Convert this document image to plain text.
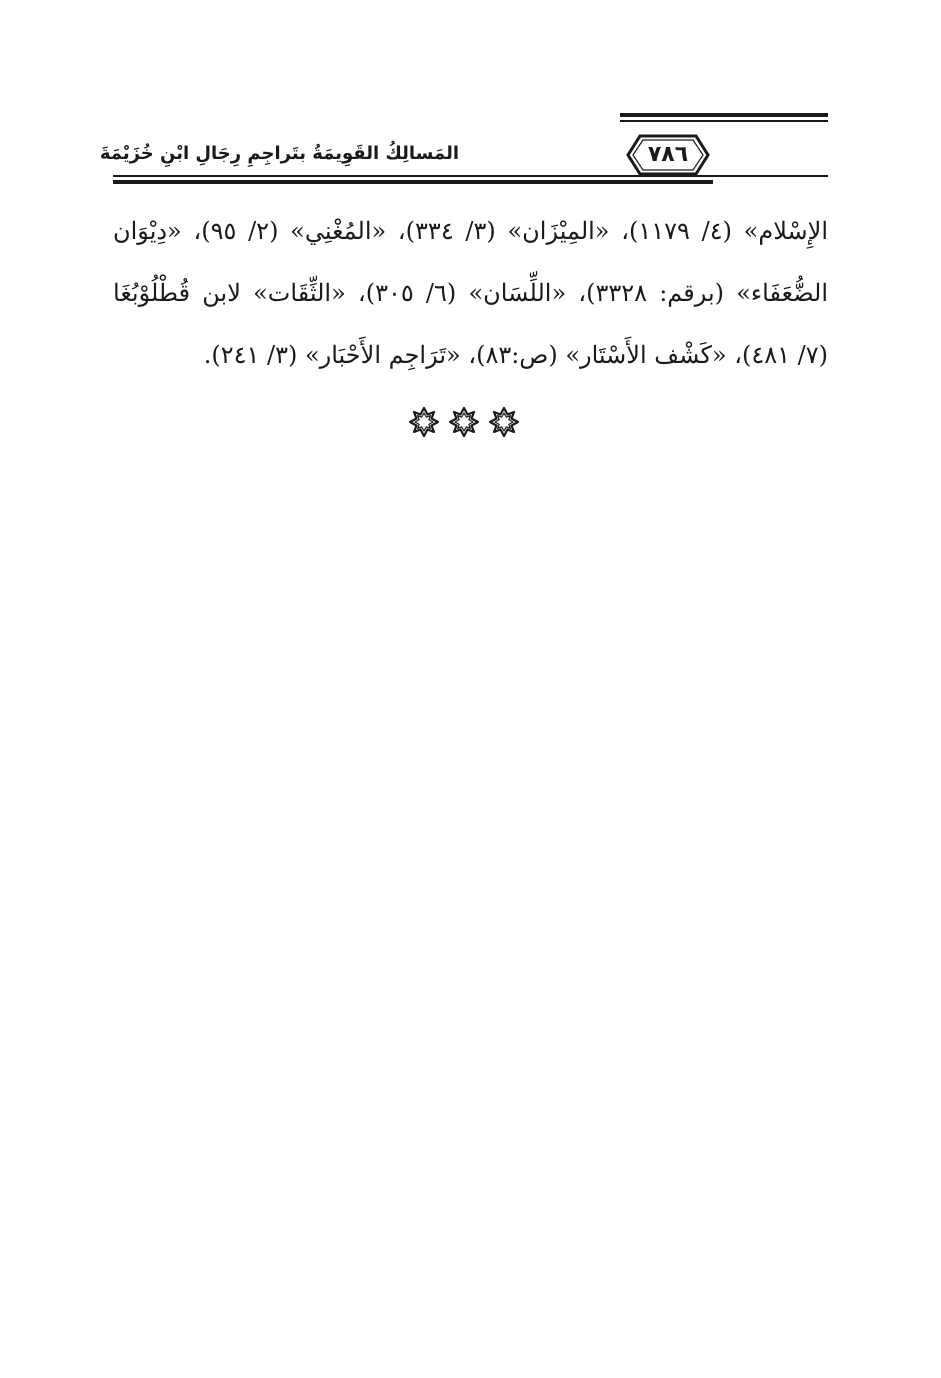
٧٨٦
المَسالِكُ القَوِيمَةُ بتَراجِمِ رِجَالِ ابْنِ خُزَيْمَةَ
الإِسْلام» (٤/ ١١٧٩)، «المِيْزَان» (٣/ ٣٣٤)، «المُغْنِي» (٢/ ٩٥)، «دِيْوَان
الضُّعَفَاء» (برقم: ٣٣٢٨)، «اللِّسَان» (٦/ ٣٠٥)، «الثِّقَات» لابن قُطْلُوْبُغَا
(٧/ ٤٨١)، «كَشْف الأَسْتَار» (ص:٨٣)، «تَرَاجِم الأَحْبَار» (٣/ ٢٤١).
